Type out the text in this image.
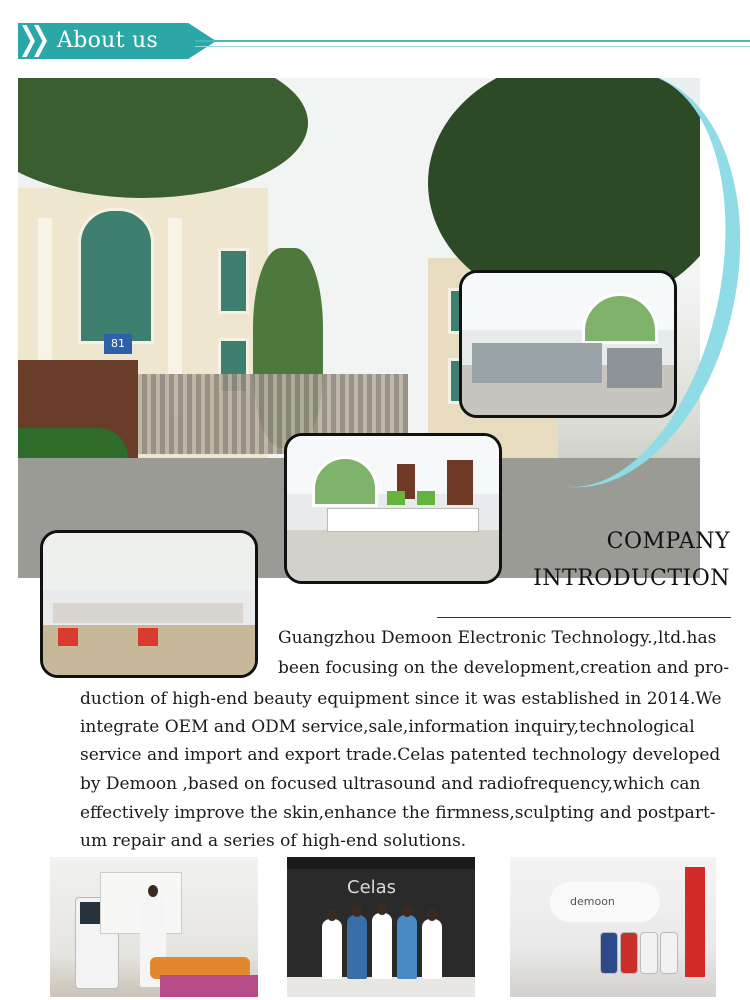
About us
81
COMPANY
INTRODUCTION
Guangzhou Demoon Electronic Technology.,ltd.has
been focusing on the development,creation and pro-
duction of high-end beauty equipment since it was established in 2014.We
integrate OEM and ODM service,sale,information inquiry,technological
service and import and export trade.Celas patented technology developed
by Demoon ,based on focused ultrasound and radiofrequency,which can
effectively improve the skin,enhance the firmness,sculpting and postpart-
um repair and a series of high-end solutions.
Celas
demoon
